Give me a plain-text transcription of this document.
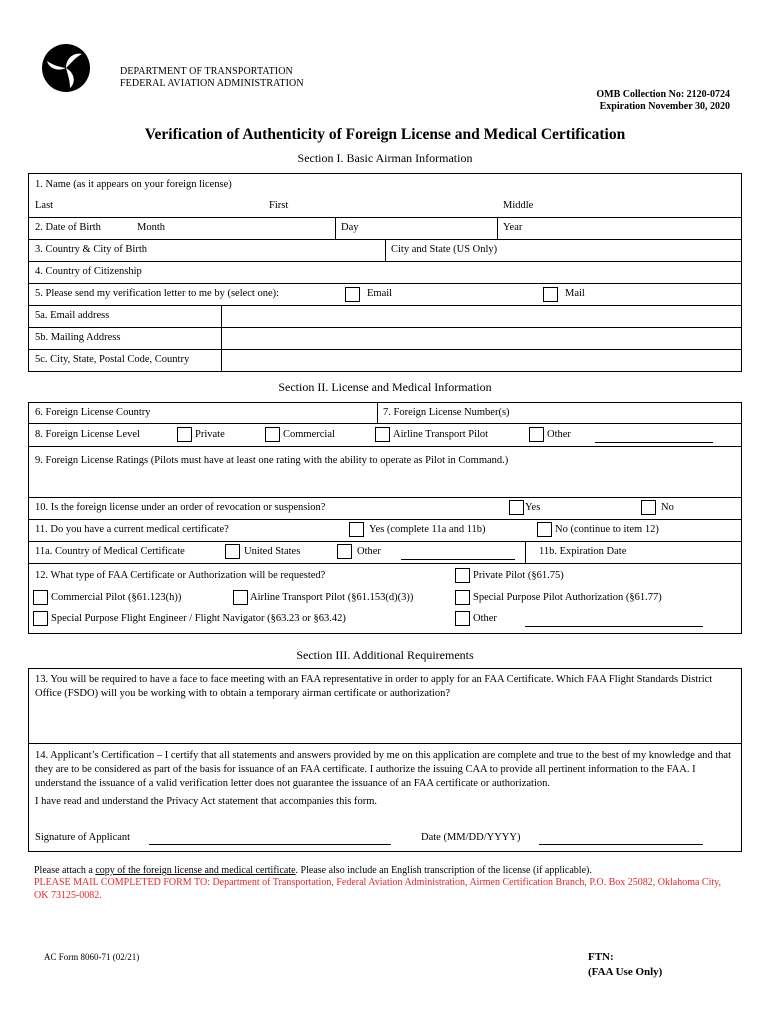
DEPARTMENT OF TRANSPORTATION
FEDERAL AVIATION ADMINISTRATION
OMB Collection No: 2120-0724
Expiration November 30, 2020
Verification of Authenticity of Foreign License and Medical Certification
Section I. Basic Airman Information
1. Name (as it appears on your foreign license)
Last	First	Middle
2. Date of Birth	Month	Day	Year
3. Country & City of Birth	City and State (US Only)
4. Country of Citizenship
5. Please send my verification letter to me by (select one):	Email	Mail
5a. Email address
5b. Mailing Address
5c. City, State, Postal Code, Country
Section II. License and Medical Information
6. Foreign License Country	7. Foreign License Number(s)
8. Foreign License Level	Private	Commercial	Airline Transport Pilot	Other
9. Foreign License Ratings (Pilots must have at least one rating with the ability to operate as Pilot in Command.)
10. Is the foreign license under an order of revocation or suspension?	Yes	No
11. Do you have a current medical certificate?	Yes (complete 11a and 11b)	No (continue to item 12)
11a. Country of Medical Certificate	United States	Other	11b. Expiration Date
12. What type of FAA Certificate or Authorization will be requested?	Private Pilot (§61.75)
Commercial Pilot (§61.123(h))	Airline Transport Pilot (§61.153(d)(3))	Special Purpose Pilot Authorization (§61.77)
Special Purpose Flight Engineer / Flight Navigator (§63.23 or §63.42)	Other
Section III. Additional Requirements
13. You will be required to have a face to face meeting with an FAA representative in order to apply for an FAA Certificate. Which FAA Flight Standards District Office (FSDO) will you be working with to obtain a temporary airman certificate or authorization?
14. Applicant’s Certification – I certify that all statements and answers provided by me on this application are complete and true to the best of my knowledge and that they are to be considered as part of the basis for issuance of an FAA certificate. I authorize the issuing CAA to provide all pertinent information to the FAA. I understand the issuance of a valid verification letter does not guarantee the issuance of an FAA certificate or authorization.
I have read and understand the Privacy Act statement that accompanies this form.
Signature of Applicant	Date (MM/DD/YYYY)
Please attach a copy of the foreign license and medical certificate. Please also include an English transcription of the license (if applicable).
PLEASE MAIL COMPLETED FORM TO: Department of Transportation, Federal Aviation Administration, Airmen Certification Branch, P.O. Box 25082, Oklahoma City, OK 73125-0082.
AC Form 8060-71 (02/21)	FTN:
(FAA Use Only)
